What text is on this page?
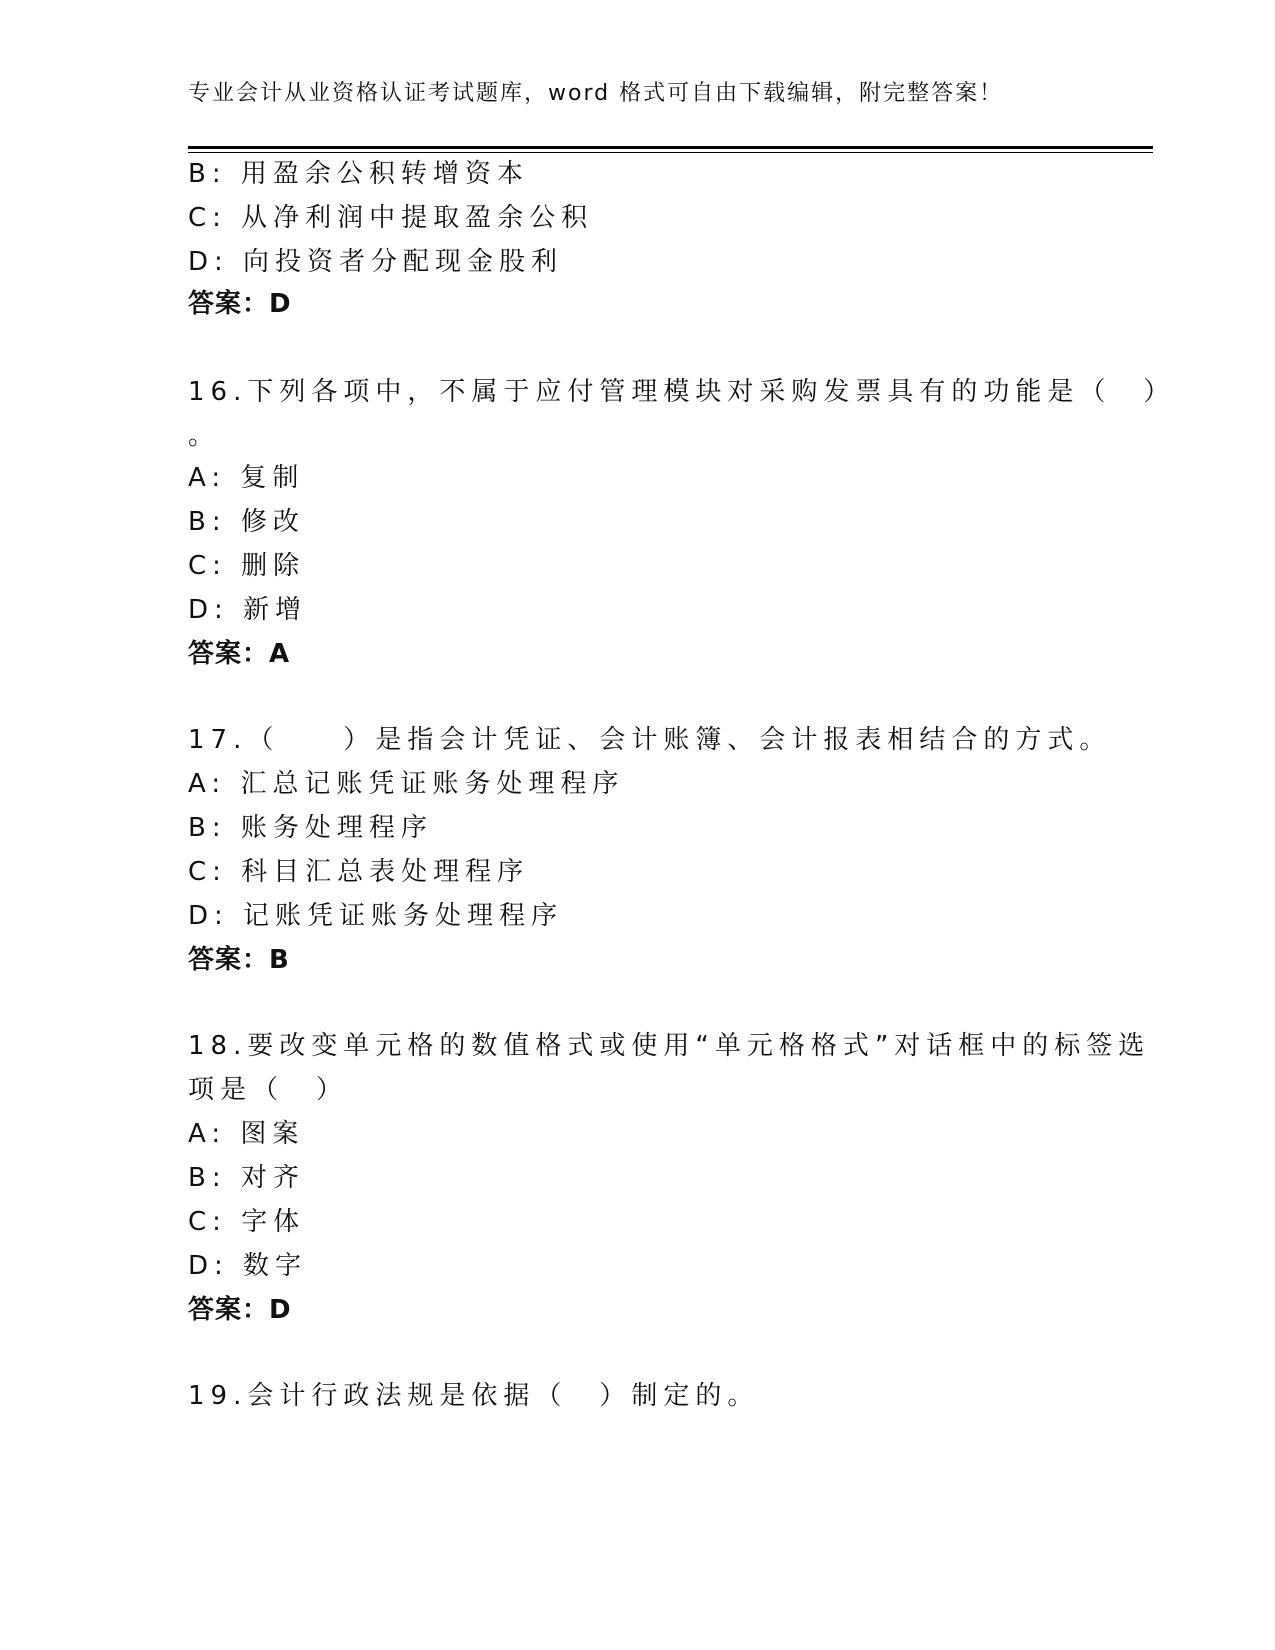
专业会计从业资格认证考试题库，word 格式可自由下载编辑，附完整答案！
B: 用盈余公积转增资本
C: 从净利润中提取盈余公积
D: 向投资者分配现金股利
答案：D
16.下列各项中，不属于应付管理模块对采购发票具有的功能是（　）
。
A: 复制
B: 修改
C: 删除
D: 新增
答案：A
17.（　　）是指会计凭证、会计账簿、会计报表相结合的方式。
A: 汇总记账凭证账务处理程序
B: 账务处理程序
C: 科目汇总表处理程序
D: 记账凭证账务处理程序
答案：B
18.要改变单元格的数值格式或使用“单元格格式”对话框中的标签选
项是（　）
A: 图案
B: 对齐
C: 字体
D: 数字
答案：D
19.会计行政法规是依据（　）制定的。
